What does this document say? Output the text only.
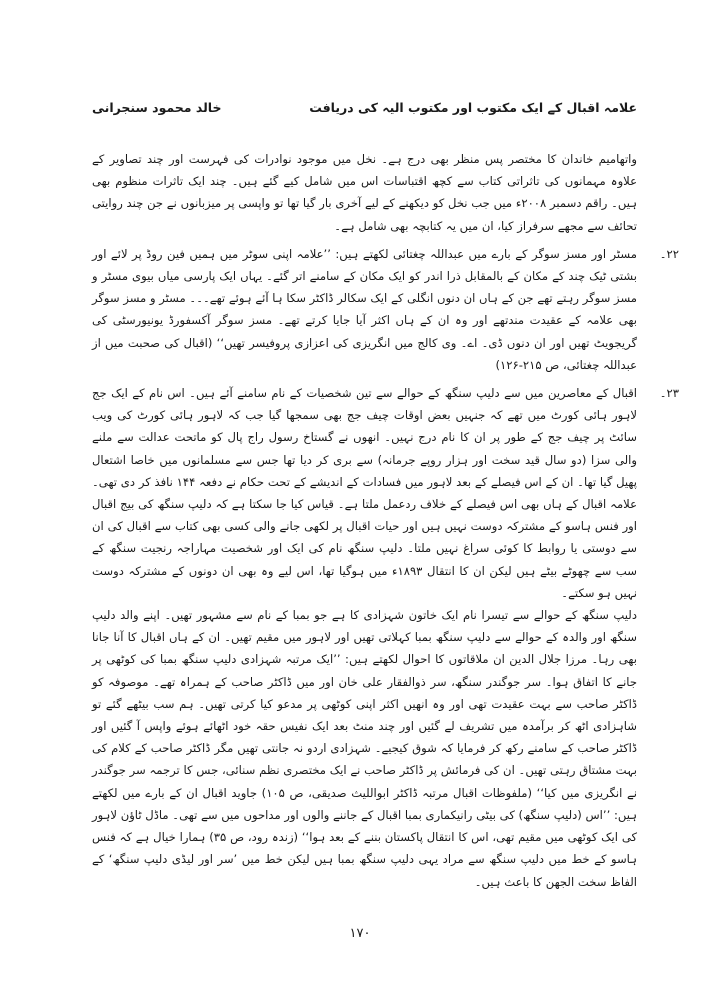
علامہ اقبال کے ایک مکتوب اور مکتوب الیہ کی دریافت
خالد محمود سنجرانی

واتھامیم خاندان کا مختصر پس منظر بھی درج ہے۔ نخل میں موجود نوادرات کی فہرست اور چند تصاویر کے علاوہ مہمانوں کی تاثراتی کتاب سے کچھ اقتباسات اس میں شامل کیے گئے ہیں۔ چند ایک تاثرات منظوم بھی ہیں۔ راقم دسمبر ۲۰۰۸ء میں جب نخل کو دیکھنے کے لیے آخری بار گیا تھا تو واپسی پر میزبانوں نے جن چند روایتی تحائف سے مجھے سرفراز کیا، ان میں یہ کتابچہ بھی شامل ہے۔

۲۲۔

مسٹر اور مسز سوگر کے بارے میں عبداللہ چغتائی لکھتے ہیں: ’’علامہ اپنی سوٹر میں ہمیں فین روڈ پر لائے اور بشتی ٹیک چند کے مکان کے بالمقابل ذرا اندر کو ایک مکان کے سامنے اتر گئے۔ یہاں ایک پارسی میاں بیوی مسٹر و مسز سوگر رہتے تھے جن کے ہاں ان دنوں انگلی کے ایک سکالر ڈاکٹر سکا ہا آئے ہوئے تھے۔۔۔ مسٹر و مسز سوگر بھی علامہ کے عقیدت مندتھے اور وہ ان کے ہاں اکثر آیا جایا کرتے تھے۔ مسز سوگر آکسفورڈ یونیورسٹی کی گریجویٹ تھیں اور ان دنوں ڈی۔ اے۔ وی کالج میں انگریزی کی اعزازی پروفیسر تھیں‘‘ (اقبال کی صحبت میں از عبداللہ چغتائی، ص ۲۱۵-۱۲۶)

۲۳۔

اقبال کے معاصرین میں سے دلیپ سنگھ کے حوالے سے تین شخصیات کے نام سامنے آئے ہیں۔ اس نام کے ایک جج لاہور ہائی کورٹ میں تھے کہ جنہیں بعض اوقات چیف جج بھی سمجھا گیا جب کہ لاہور ہائی کورٹ کی ویب سائٹ پر چیف جج کے طور پر ان کا نام درج نہیں۔ انھوں نے گستاخ رسول راج پال کو ماتحت عدالت سے ملنے والی سزا (دو سال قید سخت اور ہزار روپے جرمانہ) سے بری کر دیا تھا جس سے مسلمانوں میں خاصا اشتعال پھیل گیا تھا۔ ان کے اس فیصلے کے بعد لاہور میں فسادات کے اندیشے کے تحت حکام نے دفعہ ۱۴۴ نافذ کر دی تھی۔ علامہ اقبال کے ہاں بھی اس فیصلے کے خلاف ردعمل ملتا ہے۔ قیاس کیا جا سکتا ہے کہ دلیپ سنگھ کی بیج اقبال اور فنس ہاسو کے مشترکہ دوست نہیں ہیں اور حیات اقبال پر لکھی جانے والی کسی بھی کتاب سے اقبال کی ان سے دوستی یا روابط کا کوئی سراغ نہیں ملتا۔ دلیپ سنگھ نام کی ایک اور شخصیت مہاراجہ رنجیت سنگھ کے سب سے چھوٹے بیٹے ہیں لیکن ان کا انتقال ۱۸۹۳ء میں ہوگیا تھا، اس لیے وہ بھی ان دونوں کے مشترکہ دوست نہیں ہو سکتے۔

دلیپ سنگھ کے حوالے سے تیسرا نام ایک خاتون شہزادی کا ہے جو بمبا کے نام سے مشہور تھیں۔ اپنے والد دلیپ سنگھ اور والدہ کے حوالے سے دلیپ سنگھ بمبا کہلاتی تھیں اور لاہور میں مقیم تھیں۔ ان کے ہاں اقبال کا آنا جانا بھی رہا۔ مرزا جلال الدین ان ملاقاتوں کا احوال لکھتے ہیں: ’’ایک مرتبہ شہزادی دلیپ سنگھ بمبا کی کوٹھی پر جانے کا اتفاق ہوا۔ سر جوگندر سنگھ، سر ذوالفقار علی خان اور میں ڈاکٹر صاحب کے ہمراہ تھے۔ موصوفہ کو ڈاکٹر صاحب سے بہت عقیدت تھی اور وہ انھیں اکثر اپنی کوٹھی پر مدعو کیا کرتی تھیں۔ ہم سب بیٹھے گئے تو شاہزادی اٹھ کر برآمدہ میں تشریف لے گئیں اور چند منٹ بعد ایک نفیس حقہ خود اٹھائے ہوئے واپس آ گئیں اور ڈاکٹر صاحب کے سامنے رکھ کر فرمایا کہ شوق کیجیے۔ شہزادی اردو نہ جانتی تھیں مگر ڈاکٹر صاحب کے کلام کی بہت مشتاق رہتی تھیں۔ ان کی فرمائش پر ڈاکٹر صاحب نے ایک مختصری نظم سنائی، جس کا ترجمہ سر جوگندر نے انگریزی میں کیا‘‘ (ملفوظات اقبال مرتبہ ڈاکٹر ابواللیث صدیقی، ص ۱۰۵) جاوید اقبال ان کے بارے میں لکھتے ہیں: ’’اس (دلیپ سنگھ) کی بیٹی رانیکماری بمبا اقبال کے جاننے والوں اور مداحوں میں سے تھی۔ ماڈل ٹاؤن لاہور کی ایک کوٹھی میں مقیم تھی، اس کا انتقال پاکستان بننے کے بعد ہوا‘‘ (زندہ رود، ص ۳۵) ہمارا خیال ہے کہ فنس ہاسو کے خط میں دلیپ سنگھ سے مراد یہی دلیپ سنگھ بمبا ہیں لیکن خط میں ’سر اور لیڈی دلیپ سنگھ‘ کے الفاظ سخت الجھن کا باعث ہیں۔

۱۷۰
